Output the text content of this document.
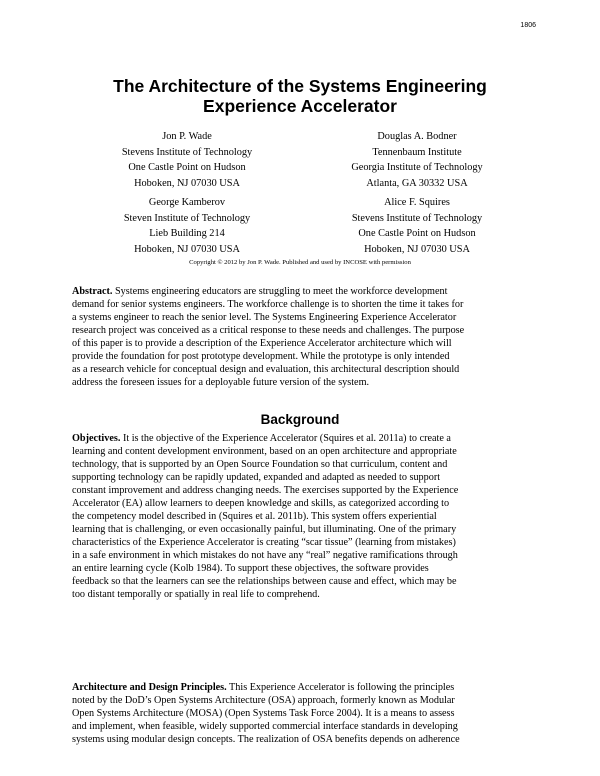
1806
The Architecture of the Systems Engineering
Experience Accelerator
Jon P. Wade
Stevens Institute of Technology
One Castle Point on Hudson
Hoboken, NJ 07030 USA
Douglas A. Bodner
Tennenbaum Institute
Georgia Institute of Technology
Atlanta, GA 30332 USA
George Kamberov
Steven Institute of Technology
Lieb Building 214
Hoboken, NJ 07030 USA
Alice F. Squires
Stevens Institute of Technology
One Castle Point on Hudson
Hoboken, NJ 07030 USA
Copyright © 2012 by Jon P. Wade. Published and used by INCOSE with permission

Abstract. Systems engineering educators are struggling to meet the workforce development
demand for senior systems engineers. The workforce challenge is to shorten the time it takes for
a systems engineer to reach the senior level. The Systems Engineering Experience Accelerator
research project was conceived as a critical response to these needs and challenges. The purpose
of this paper is to provide a description of the Experience Accelerator architecture which will
provide the foundation for post prototype development. While the prototype is only intended
as a research vehicle for conceptual design and evaluation, this architectural description should
address the foreseen issues for a deployable future version of the system.

Background

Objectives. It is the objective of the Experience Accelerator (Squires et al. 2011a) to create a
learning and content development environment, based on an open architecture and appropriate
technology, that is supported by an Open Source Foundation so that curriculum, content and
supporting technology can be rapidly updated, expanded and adapted as needed to support
constant improvement and address changing needs. The exercises supported by the Experience
Accelerator (EA) allow learners to deepen knowledge and skills, as categorized according to
the competency model described in (Squires et al. 2011b). This system offers experiential
learning that is challenging, or even occasionally painful, but illuminating. One of the primary
characteristics of the Experience Accelerator is creating “scar tissue” (learning from mistakes)
in a safe environment in which mistakes do not have any “real” negative ramifications through
an entire learning cycle (Kolb 1984). To support these objectives, the software provides
feedback so that the learners can see the relationships between cause and effect, which may be
too distant temporally or spatially in real life to comprehend.

Architecture and Design Principles. This Experience Accelerator is following the principles
noted by the DoD’s Open Systems Architecture (OSA) approach, formerly known as Modular
Open Systems Architecture (MOSA) (Open Systems Task Force 2004). It is a means to assess
and implement, when feasible, widely supported commercial interface standards in developing
systems using modular design concepts. The realization of OSA benefits depends on adherence
